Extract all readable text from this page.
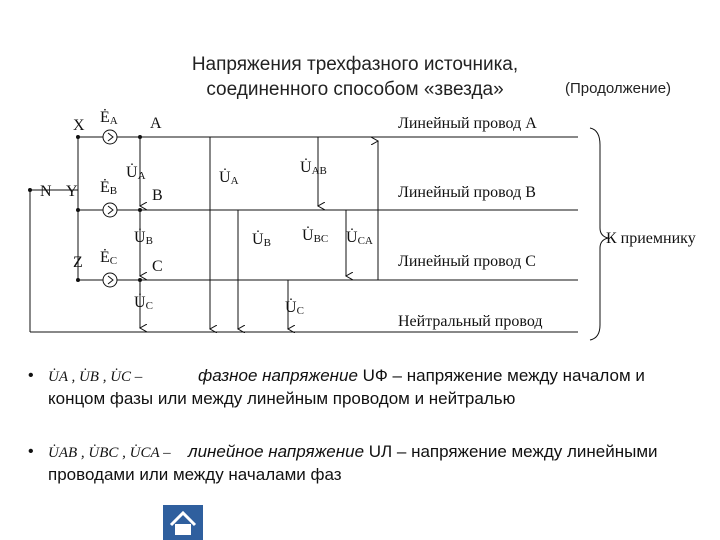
Напряжения трехфазного источника,
соединенного способом «звезда»	(Продолжение)
X
N Y
Z
A
B
C
ĖA
ĖB
ĖC
U̇A
U̇B
U̇C
U̇A
U̇B
U̇C
U̇AB
U̇BC U̇CA
Линейный провод А
Линейный провод В
Линейный провод С
Нейтральный провод
К приемнику
• U̇A , U̇B , U̇C –	фазное напряжение UФ – напряжение между началом и концом фазы или между линейным проводом и нейтралью
• U̇AB , U̇BC , U̇CA – линейное напряжение UЛ – напряжение между линейными проводами или между началами фаз
